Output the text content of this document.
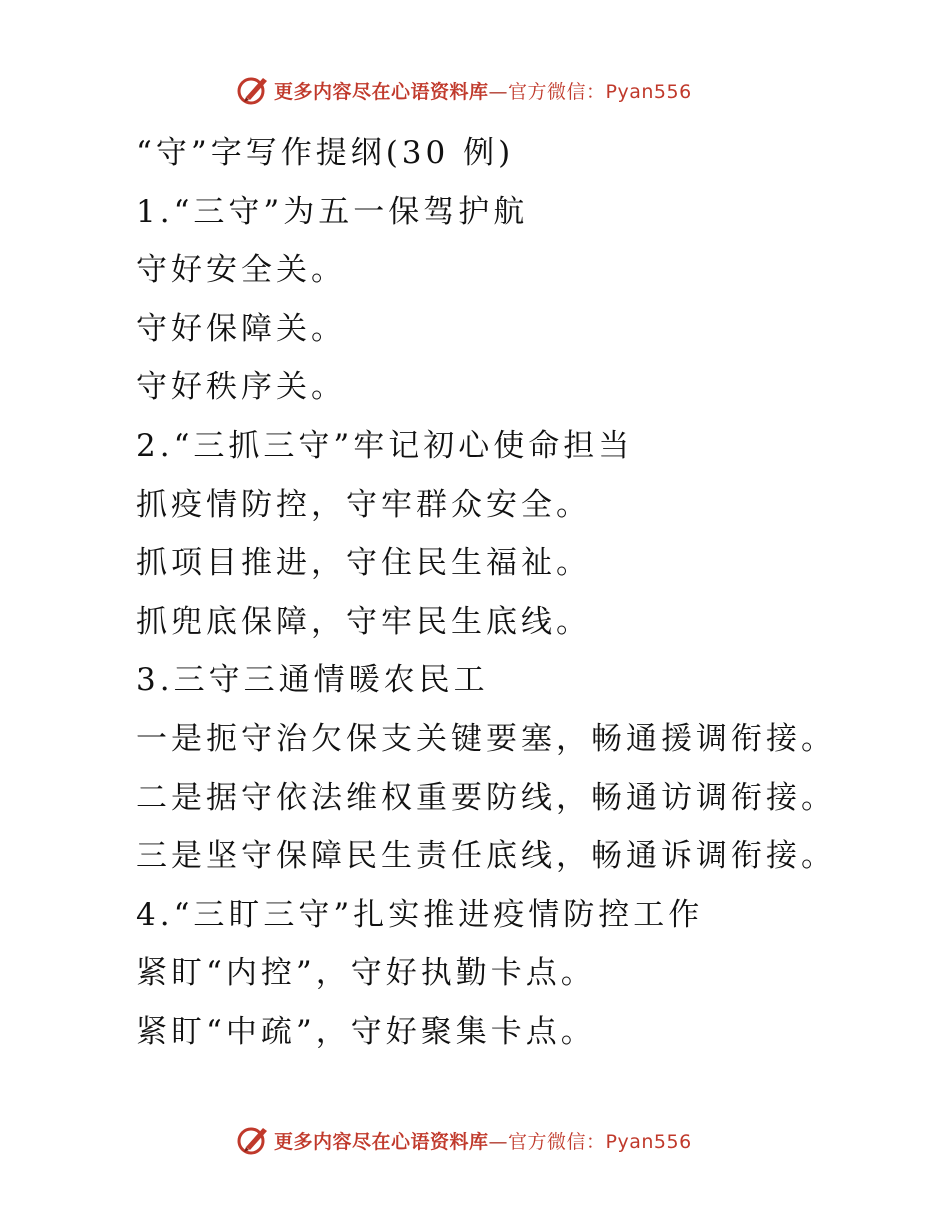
更多内容尽在心语资料库—官方微信：Pyan556
“守”字写作提纲(30 例)
1.“三守”为五一保驾护航
守好安全关。
守好保障关。
守好秩序关。
2.“三抓三守”牢记初心使命担当
抓疫情防控，守牢群众安全。
抓项目推进，守住民生福祉。
抓兜底保障，守牢民生底线。
3.三守三通情暖农民工
一是扼守治欠保支关键要塞，畅通援调衔接。
二是据守依法维权重要防线，畅通访调衔接。
三是坚守保障民生责任底线，畅通诉调衔接。
4.“三盯三守”扎实推进疫情防控工作
紧盯“内控”，守好执勤卡点。
紧盯“中疏”，守好聚集卡点。
更多内容尽在心语资料库—官方微信：Pyan556
